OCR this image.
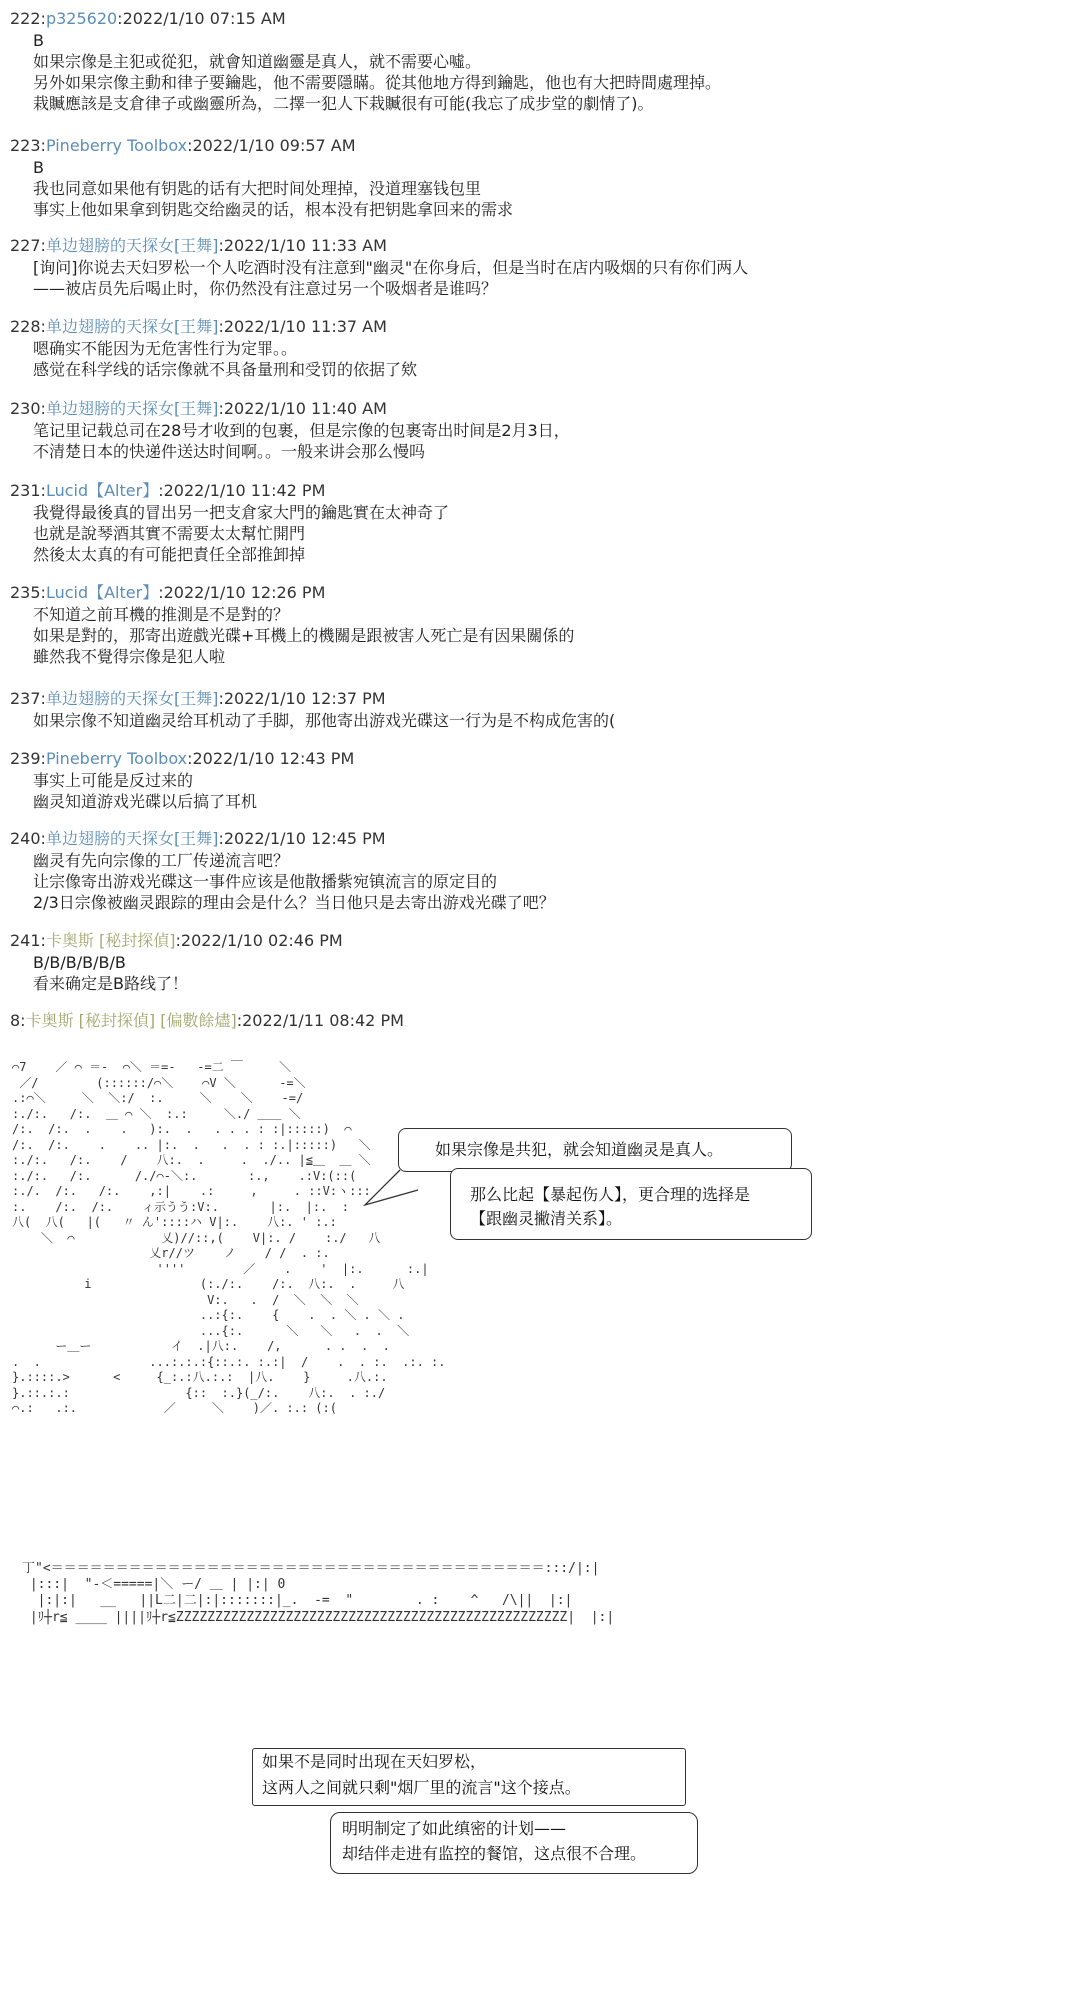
222:p325620:2022/1/10 07:15 AM
B
如果宗像是主犯或從犯，就會知道幽靈是真人，就不需要心噓。
另外如果宗像主動和律子要鑰匙，他不需要隱瞞。從其他地方得到鑰匙，他也有大把時間處理掉。
栽贓應該是支倉律子或幽靈所為，二擇一犯人下栽贓很有可能(我忘了成步堂的劇情了)。
223:Pineberry Toolbox:2022/1/10 09:57 AM
B
我也同意如果他有钥匙的话有大把时间处理掉，没道理塞钱包里
事实上他如果拿到钥匙交给幽灵的话，根本没有把钥匙拿回来的需求
227:单边翅膀的天探女[王舞]:2022/1/10 11:33 AM
[询问]你说去天妇罗松一个人吃酒时没有注意到"幽灵"在你身后，但是当时在店内吸烟的只有你们两人
——被店员先后喝止时，你仍然没有注意过另一个吸烟者是谁吗？
228:单边翅膀的天探女[王舞]:2022/1/10 11:37 AM
嗯确实不能因为无危害性行为定罪。。
感觉在科学线的话宗像就不具备量刑和受罚的依据了欸
230:单边翅膀的天探女[王舞]:2022/1/10 11:40 AM
笔记里记载总司在28号才收到的包裹，但是宗像的包裹寄出时间是2月3日，
不清楚日本的快递件送达时间啊。。一般来讲会那么慢吗
231:Lucid【Alter】:2022/1/10 11:42 PM
我覺得最後真的冒出另一把支倉家大門的鑰匙實在太神奇了
也就是說琴酒其實不需要太太幫忙開門
然後太太真的有可能把責任全部推卸掉
235:Lucid【Alter】:2022/1/10 12:26 PM
不知道之前耳機的推測是不是對的？
如果是對的，那寄出遊戲光碟+耳機上的機關是跟被害人死亡是有因果關係的
雖然我不覺得宗像是犯人啦
237:单边翅膀的天探女[王舞]:2022/1/10 12:37 PM
如果宗像不知道幽灵给耳机动了手脚，那他寄出游戏光碟这一行为是不构成危害的(
239:Pineberry Toolbox:2022/1/10 12:43 PM
事实上可能是反过来的
幽灵知道游戏光碟以后搞了耳机
240:单边翅膀的天探女[王舞]:2022/1/10 12:45 PM
幽灵有先向宗像的工厂传递流言吧？
让宗像寄出游戏光碟这一事件应该是他散播紫宛镇流言的原定目的
2/3日宗像被幽灵跟踪的理由会是什么？当日他只是去寄出游戏光碟了吧？
241:卡奥斯 [秘封探偵]:2022/1/10 02:46 PM
B/B/B/B/B/B
看来确定是B路线了！
8:卡奥斯 [秘封探偵] [偏數餘燼]:2022/1/11 08:42 PM
⌒7    ／ ⌒ ＝-  ⌒＼ ＝=-   -=二 ￣     ＼
／/        (::::::/⌒＼    ⌒V ＼      -=＼
.:⌒＼     ＼  ＼:/  :.     ＼    ＼    -=/
:./:.   /:.  ＿ ⌒ ＼  :.:     ＼./ ＿＿ ＼
/:.  /:.  .    .   ):.  .   . . . : :|:::::)  ⌒
/:.  /:.    .    .. |:.  .   .  . : :.|:::::)   ＼
:./:.   /:.    /    八:.  .     .  ./.. |≦＿  ＿ ＼
:./:.   /:.      /./⌒-＼:.       :.,    .:V:(::(
:./.  /:.   /:.    ,:|    .:     ,     . ::V:ヽ:::
:.    /:.  /:.    ィ示うう:V:.       |:.  |:.  :
八(  八(   |(   〃 ん'::::ハ V|:.    八:. ' :.:
＼  ⌒            乂)//::,(    V|:. /    :./   八
乂r//ツ    ノ    / /  . :.
''''        ／    .    '  |:.      :.|
i               (:./:.    /:.  八:.  .     八
V:.   .  /  ＼  ＼  ＼
..:{:.    {    .  . ＼ . ＼ .
...{:.      ＼   ＼   .  .  ＼
ー＿ー           イ  .|八:.    /,      . .  .  .
.  .               ...:.:.:{::.:. :.:|  /    .  . :.  .:. :.
}.::::.>      <     {_:.:八.:.:  |八.    }     .八.:.
}.::.:.:                {::  :.}(_/:.    八:.  . :./
⌒.:   .:.            ／     ＼    )／. :.: (:(
如果宗像是共犯，就会知道幽灵是真人。
那么比起【暴起伤人】，更合理的选择是
【跟幽灵撇清关系】。
丁"<＝＝＝＝＝＝＝＝＝＝＝＝＝＝＝＝＝＝＝＝＝＝＝＝＝＝＝＝＝＝＝＝＝＝＝＝＝＝:::/|:|
|:::|  "-＜=====|＼ ー/ ＿ | |:| 0
|:|:|   __   ||L二|二|:|:::::::|_.  -=  "        . :    ^   /\||  |:|
|ﾘ┼r≦ ____ ||||ﾘ┼r≦ZZZZZZZZZZZZZZZZZZZZZZZZZZZZZZZZZZZZZZZZZZZZZZZZZZ|  |:|
如果不是同时出现在天妇罗松，
这两人之间就只剩"烟厂里的流言"这个接点。
明明制定了如此缜密的计划——
却结伴走进有监控的餐馆，这点很不合理。
